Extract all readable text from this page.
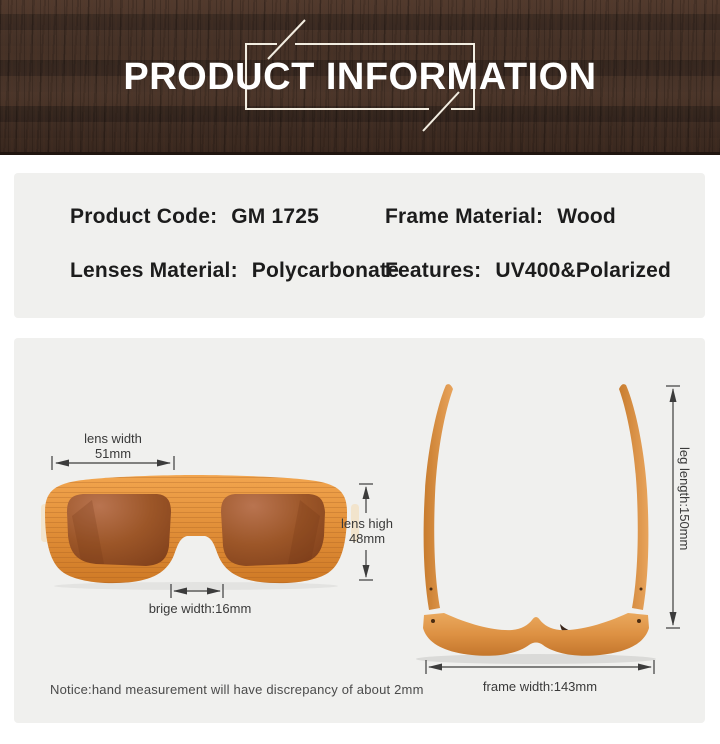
PRODUCT INFORMATION
Product Code: GM 1725	Frame Material: Wood
Lenses Material: Polycarbonate
Features: UV400&Polarized
lens width
51mm
lens high
48mm
brige width:16mm
leg length:150mm
frame width:143mm
Notice:hand measurement will have discrepancy of about 2mm
